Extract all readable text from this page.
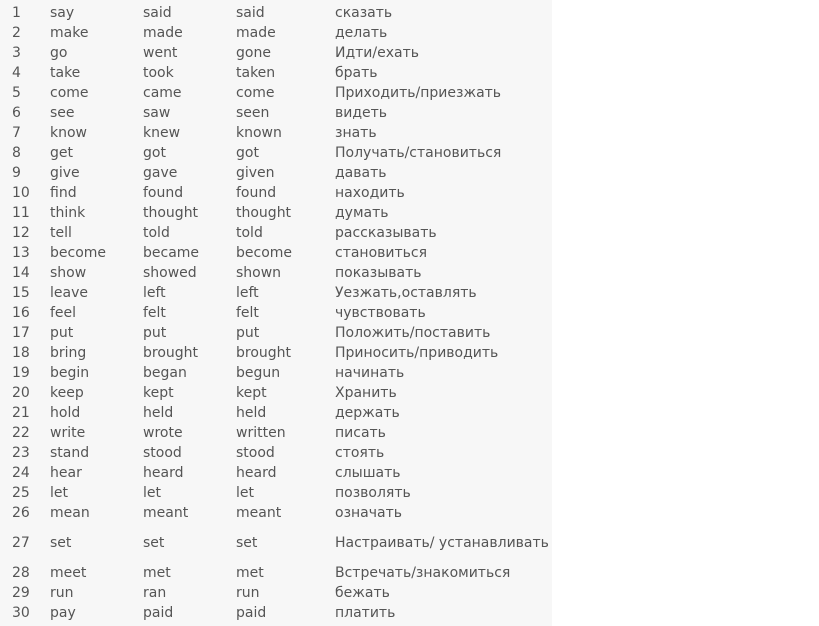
1	say	said	said	сказать
2	make	made	made	делать
3	go	went	gone	Идти/ехать
4	take	took	taken	брать
5	come	came	come	Приходить/приезжать
6	see	saw	seen	видеть
7	know	knew	known	знать
8	get	got	got	Получать/становиться
9	give	gave	given	давать
10	find	found	found	находить
11	think	thought	thought	думать
12	tell	told	told	рассказывать
13	become	became	become	становиться
14	show	showed	shown	показывать
15	leave	left	left	Уезжать,оставлять
16	feel	felt	felt	чувствовать
17	put	put	put	Положить/поставить
18	bring	brought	brought	Приносить/приводить
19	begin	began	begun	начинать
20	keep	kept	kept	Хранить
21	hold	held	held	держать
22	write	wrote	written	писать
23	stand	stood	stood	стоять
24	hear	heard	heard	слышать
25	let	let	let	позволять
26	mean	meant	meant	означать
27	set	set	set	Настраивать/ устанавливать
28	meet	met	met	Встречать/знакомиться
29	run	ran	run	бежать
30	pay	paid	paid	платить
